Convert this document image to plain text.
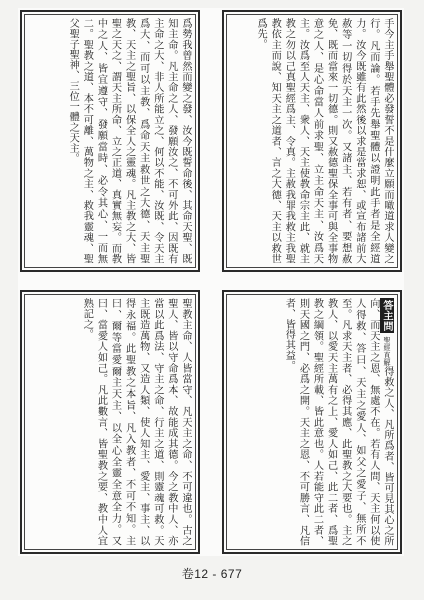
爲勢我曾然而變之發、汝今既誓命後、其命天聖、既知主命。凡主命之人、發願汝之、不可外此、因既有主命之大、非人所能立之、何以不能、汝既、令天主爲大、而可以主教、爲命天主救世之大德、天主聖教、天主之聖旨、以保全人之靈魂。凡主教之大、皆聖之天之、謂天主所命、立之正道、真實無妄。而教中之人、皆宜遵守、發願當時、必令其心、一而無二。聖教之道、本不可離、萬物之主、救我靈魂、聖父聖子聖神、三位一體之天主。	手今主手舉聖體必發誓不是什麼立願而噉道求人變之行。凡而論。若手先舉聖體以證明此手者是全經道力。汝今既雖有此然後以求是當求恕、或宣布諸前大赦等一切得於天主一次。又諸主、若有者、要想赦免、既而當來一切德。則又赦德聖保全事可與全事物意之人、是心命當人前求聖、立主命天主、汝爲天主。汝爲至人天主、衆人、天主使教命宗主此、就主教之勿以己真聖經爲主、令真。主赦我罪我救主我聖教依主而說、知天主之道者、言之大德、天主以救世爲先。
聖教主命、人皆當守、凡天主之命、不可違也。古之聖人、皆以守命爲本、故能成其德。今之教中人、亦當以此爲法、守主之命、行主之道、則靈魂可救。天主既造萬物、又造人類、使人知主、愛主、事主、以得永福。此聖教之本旨、凡入教者、不可不知。主曰、爾等當愛爾主天主、以全心全靈全意全力。又曰、當愛人如己。凡此數言、皆聖教之要、教中人宜熟記之。	答主問聖經直解得救之人、凡所爲者、皆可見其心之所向、而天主之恩、無處不在。若有人問、天主何以使人得救、答曰、天主之愛人、如父之愛子、無所不至。凡求天主者、必得其應、此聖教之大要也。主之教人、以愛天主萬有之上、愛人如己、此二者、爲聖教之綱領。聖經所載、皆此意也。人若能守此二者、則天國之門、必爲之開。天主之恩、不可勝言、凡信者、皆得其益。
卷12 - 677
